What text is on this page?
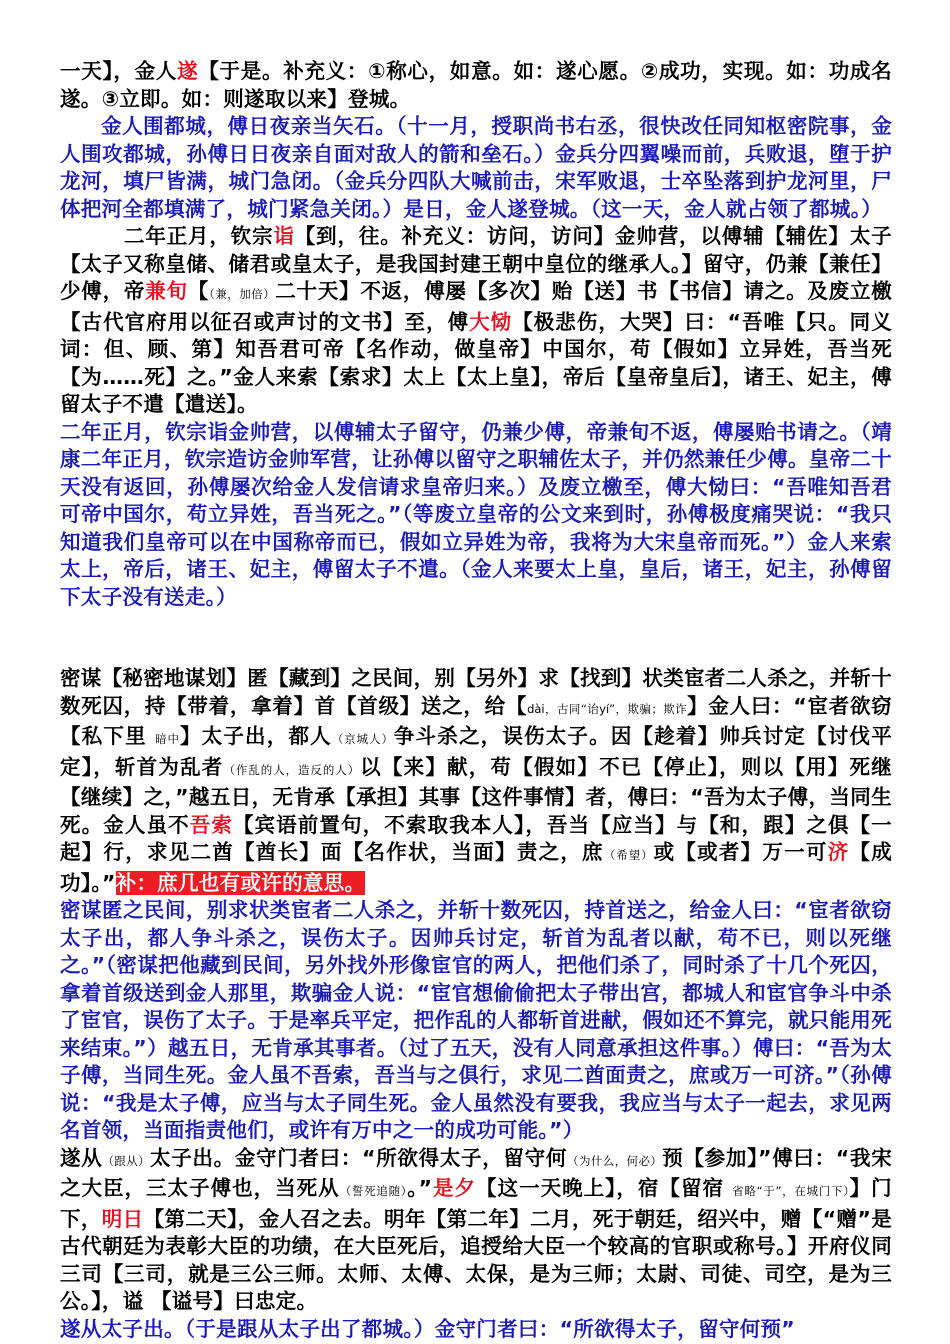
一天】，金人遂【于是。补充义：①称心，如意。如：遂心愿。②成功，实现。如：功成名遂。③立即。如：则遂取以来】登城。

金人围都城，傅日夜亲当矢石。（十一月，授职尚书右丞，很快改任同知枢密院事，金人围攻都城，孙傅日日夜亲自面对敌人的箭和垒石。）金兵分四翼噪而前，兵败退，堕于护龙河，填尸皆满，城门急闭。（金兵分四队大喊前击，宋军败退，士卒坠落到护龙河里，尸体把河全都填满了，城门紧急关闭。）是日，金人遂登城。（这一天，金人就占领了都城。）

二年正月，钦宗诣【到，往。补充义：访问，访问】金帅营，以傅辅【辅佐】太子【太子又称皇储、储君或皇太子，是我国封建王朝中皇位的继承人。】留守，仍兼【兼任】少傅，帝兼旬【（兼，加倍）二十天】不返，傅屡【多次】贻【送】书【书信】请之。及废立檄【古代官府用以征召或声讨的文书】至，傅大恸【极悲伤，大哭】曰：“吾唯【只。同义词：但、顾、第】知吾君可帝【名作动，做皇帝】中国尔，苟【假如】立异姓，吾当死【为……死】之。”金人来索【索求】太上【太上皇】，帝后【皇帝皇后】，诸王、妃主，傅留太子不遣【遣送】。

二年正月，钦宗诣金帅营，以傅辅太子留守，仍兼少傅，帝兼旬不返，傅屡贻书请之。（靖康二年正月，钦宗造访金帅军营，让孙傅以留守之职辅佐太子，并仍然兼任少傅。皇帝二十天没有返回，孙傅屡次给金人发信请求皇帝归来。）及废立檄至，傅大恸曰：“吾唯知吾君可帝中国尔，苟立异姓，吾当死之。”（等废立皇帝的公文来到时，孙傅极度痛哭说：“我只知道我们皇帝可以在中国称帝而已，假如立异姓为帝，我将为大宋皇帝而死。”）金人来索太上，帝后，诸王、妃主，傅留太子不遣。（金人来要太上皇，皇后，诸王，妃主，孙傅留下太子没有送走。）

密谋【秘密地谋划】匿【藏到】之民间，别【另外】求【找到】状类宦者二人杀之，并斩十数死囚，持【带着，拿着】首【首级】送之，给【dài，古同“诒yí”，欺骗；欺诈】金人曰：“宦者欲窃【私下里 暗中】太子出，都人（京城人）争斗杀之，误伤太子。因【趁着】帅兵讨定【讨伐平定】，斩首为乱者（作乱的人，造反的人）以【来】献，苟【假如】不已【停止】，则以【用】死继【继续】之，”越五日，无肯承【承担】其事【这件事情】者，傅曰：“吾为太子傅，当同生死。金人虽不吾索【宾语前置句，不索取我本人】，吾当【应当】与【和，跟】之俱【一起】行，求见二酋【酋长】面【名作状，当面】责之，庶（希望）或【或者】万一可济【成功】。”补：庶几也有或许的意思。

密谋匿之民间，别求状类宦者二人杀之，并斩十数死囚，持首送之，给金人曰：“宦者欲窃太子出，都人争斗杀之，误伤太子。因帅兵讨定，斩首为乱者以献，苟不已，则以死继之。”（密谋把他藏到民间，另外找外形像宦官的两人，把他们杀了，同时杀了十几个死囚，拿着首级送到金人那里，欺骗金人说：“宦官想偷偷把太子带出宫，都城人和宦官争斗中杀了宦官，误伤了太子。于是率兵平定，把作乱的人都斩首进献，假如还不算完，就只能用死来结束。”）越五日，无肯承其事者。（过了五天，没有人同意承担这件事。）傅曰：“吾为太子傅，当同生死。金人虽不吾索，吾当与之俱行，求见二酋面责之，庶或万一可济。”（孙傅说：“我是太子傅，应当与太子同生死。金人虽然没有要我，我应当与太子一起去，求见两名首领，当面指责他们，或许有万中之一的成功可能。”）

遂从（跟从）太子出。金守门者曰：“所欲得太子，留守何（为什么，何必）预【参加】”傅曰：“我宋之大臣，三太子傅也，当死从（誓死追随）。”是夕【这一天晚上】，宿【留宿 省略“于”，在城门下）】门下，明日【第二天】，金人召之去。明年【第二年】二月，死于朝廷，绍兴中，赠【“赠”是古代朝廷为表彰大臣的功绩，在大臣死后，追授给大臣一个较高的官职或称号。】开府仪同三司【三司，就是三公三师。太师、太傅、太保，是为三师；太尉、司徒、司空，是为三公。】，谥 【谥号】曰忠定。

遂从太子出。（于是跟从太子出了都城。）金守门者曰：“所欲得太子，留守何预”
